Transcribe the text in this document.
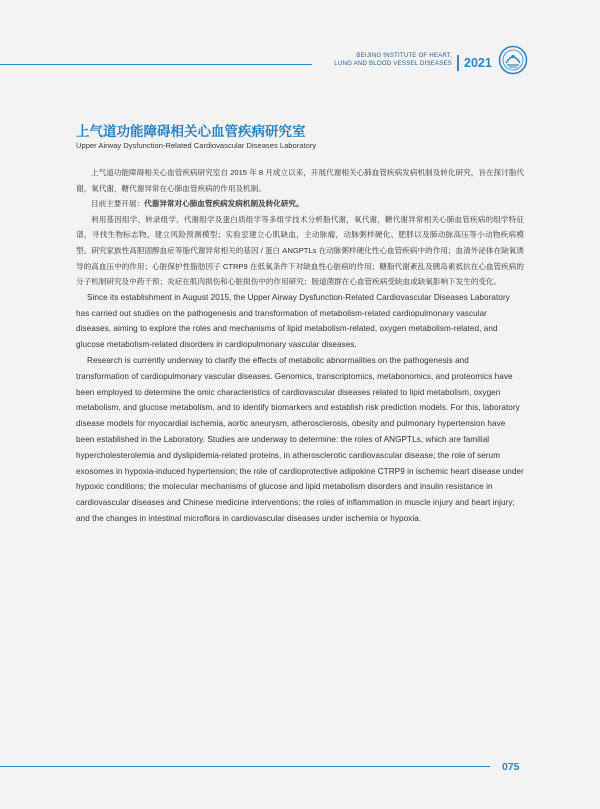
BEIJING INSTITUTE OF HEART,
LUNG AND BLOOD VESSEL DISEASES 2021
上气道功能障碍相关心血管疾病研究室
Upper Airway Dysfunction-Related Cardiovascular Diseases Laboratory

上气道功能障碍相关心血管疾病研究室自 2015 年 8 月成立以来，开展代谢相关心肺血管疾病发病机制及转化研究，旨在探讨脂代谢，氧代谢，糖代谢异常在心肺血管疾病的作用及机制。

目前主要开展：代谢异常对心肺血管疾病发病机制及转化研究。

利用基因组学、转录组学、代谢组学及蛋白质组学等多组学技术分析脂代谢，氧代谢，糖代谢异常相关心肺血管疾病的组学特征谱，寻找生物标志物，建立风险预测模型；实验室建立心肌缺血，主动脉瘤，动脉粥样硬化、肥胖以及肺动脉高压等小动物疾病模型。研究家族性高胆固醇血症等脂代谢异常相关的基因 / 蛋白 ANGPTLs 在动脉粥样硬化性心血管疾病中的作用；血清外泌体在缺氧诱导的高血压中的作用；心脏保护性脂肪因子 CTRP9 在低氧条件下对缺血性心脏病的作用；糖脂代谢紊乱及胰岛素抵抗在心血管疾病的分子机制研究及中药干预；炎症在肌肉损伤和心脏损伤中的作用研究；肠道菌群在心血管疾病受缺血或缺氧影响下发生的变化。

Since its establishment in August 2015, the Upper Airway Dysfunction-Related Cardiovascular Diseases Laboratory has carried out studies on the pathogenesis and transformation of metabolism-related cardiopulmonary vascular diseases, aiming to explore the roles and mechanisms of lipid metabolism-related, oxygen metabolism-related, and glucose metabolism-related disorders in cardiopulmonary vascular diseases.

Research is currently underway to clarify the effects of metabolic abnormalities on the pathogenesis and transformation of cardiopulmonary vascular diseases. Genomics, transcriptomics, metabonomics, and proteomics have been employed to determine the omic characteristics of cardiovascular diseases related to lipid metabolism, oxygen metabolism, and glucose metabolism, and to identify biomarkers and establish risk prediction models. For this, laboratory disease models for myocardial ischemia, aortic aneurysm, atherosclerosis, obesity and pulmonary hypertension have been established in the Laboratory. Studies are underway to determine: the roles of ANGPTLs, which are familial hypercholesterolemia and dyslipidemia-related proteins, in atherosclerotic cardiovascular disease; the role of serum exosomes in hypoxia-induced hypertension; the role of cardioprotective adipokine CTRP9 in ischemic heart disease under hypoxic conditions; the molecular mechanisms of glucose and lipid metabolism disorders and insulin resistance in cardiovascular diseases and Chinese medicine interventions; the roles of inflammation in muscle injury and heart injury; and the changes in intestinal microflora in cardiovascular diseases under ischemia or hypoxia.

075
